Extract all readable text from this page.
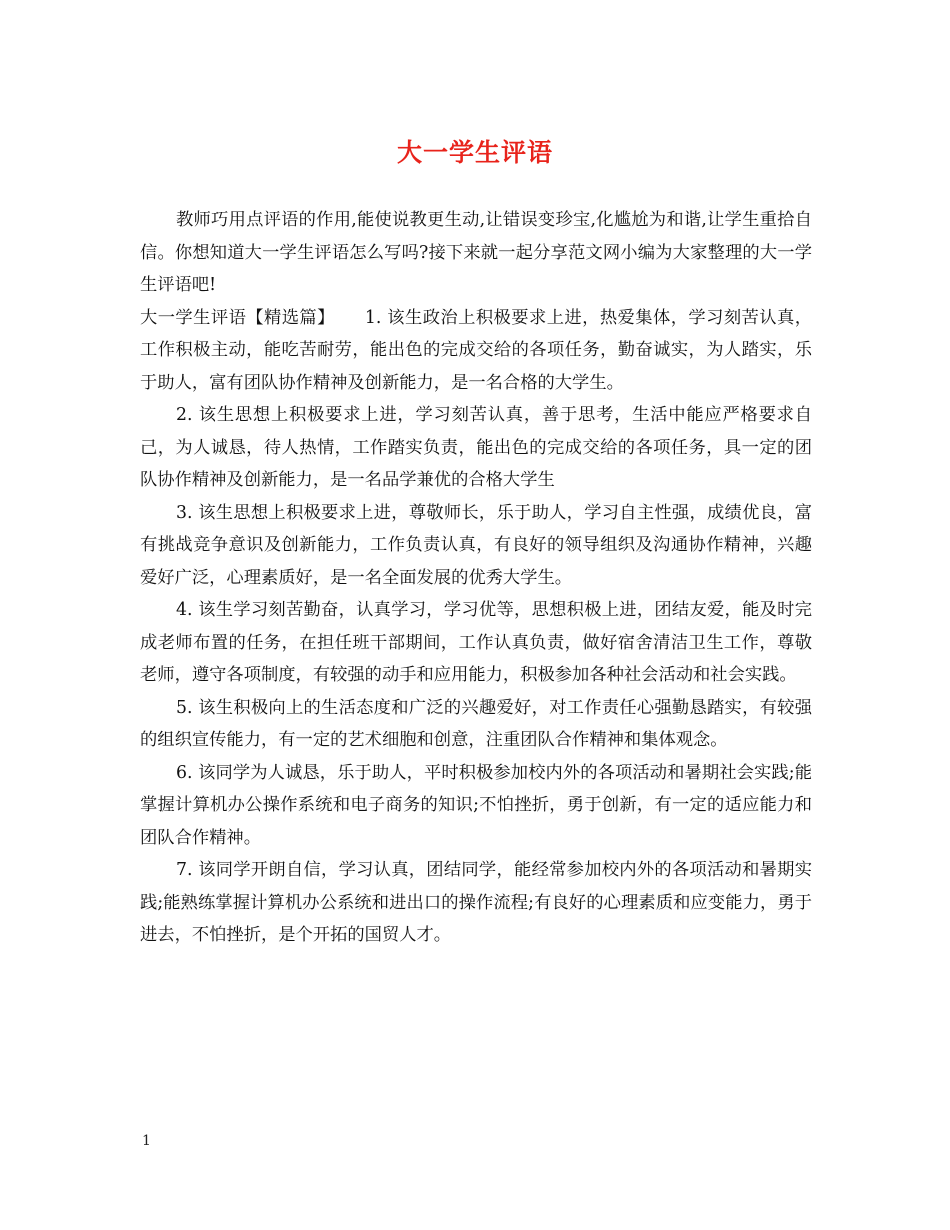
大一学生评语

教师巧用点评语的作用,能使说教更生动,让错误变珍宝,化尴尬为和谐,让学生重拾自信。你想知道大一学生评语怎么写吗?接下来就一起分享范文网小编为大家整理的大一学生评语吧!

大一学生评语【精选篇】 1. 该生政治上积极要求上进，热爱集体，学习刻苦认真，工作积极主动，能吃苦耐劳，能出色的完成交给的各项任务，勤奋诚实，为人踏实，乐于助人，富有团队协作精神及创新能力，是一名合格的大学生。

2. 该生思想上积极要求上进，学习刻苦认真，善于思考，生活中能应严格要求自己，为人诚恳，待人热情，工作踏实负责，能出色的完成交给的各项任务，具一定的团队协作精神及创新能力，是一名品学兼优的合格大学生

3. 该生思想上积极要求上进，尊敬师长，乐于助人，学习自主性强，成绩优良，富有挑战竞争意识及创新能力，工作负责认真，有良好的领导组织及沟通协作精神，兴趣爱好广泛，心理素质好，是一名全面发展的优秀大学生。

4. 该生学习刻苦勤奋，认真学习，学习优等，思想积极上进，团结友爱，能及时完成老师布置的任务，在担任班干部期间，工作认真负责，做好宿舍清洁卫生工作，尊敬老师，遵守各项制度，有较强的动手和应用能力，积极参加各种社会活动和社会实践。

5. 该生积极向上的生活态度和广泛的兴趣爱好，对工作责任心强勤恳踏实，有较强的组织宣传能力，有一定的艺术细胞和创意，注重团队合作精神和集体观念。

6. 该同学为人诚恳，乐于助人，平时积极参加校内外的各项活动和暑期社会实践;能掌握计算机办公操作系统和电子商务的知识;不怕挫折，勇于创新，有一定的适应能力和团队合作精神。

7. 该同学开朗自信，学习认真，团结同学，能经常参加校内外的各项活动和暑期实践;能熟练掌握计算机办公系统和进出口的操作流程;有良好的心理素质和应变能力，勇于进去，不怕挫折，是个开拓的国贸人才。

1
